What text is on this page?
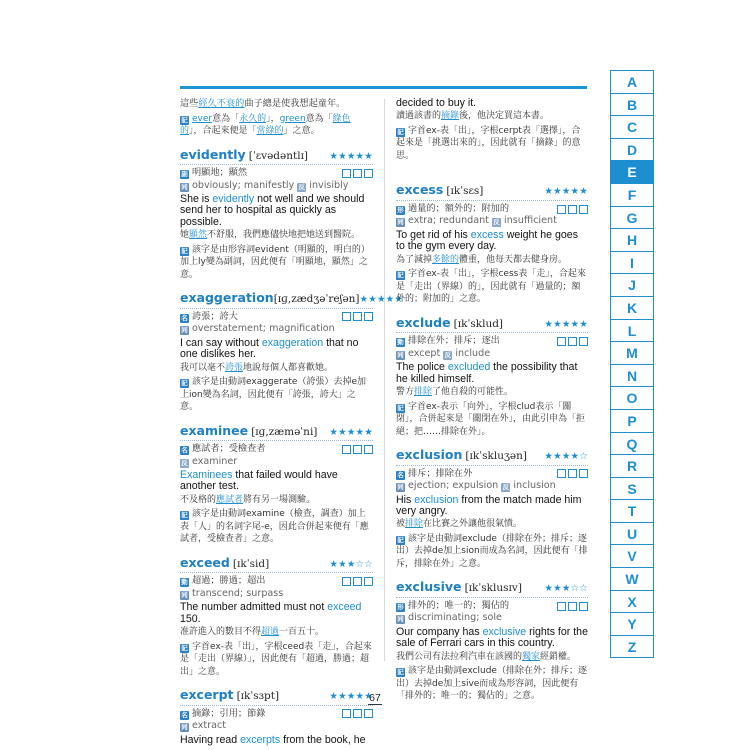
這些經久不衰的曲子總是使我想起童年。

記 ever意為「永久的」，green意為「綠色的」，合起來便是「常綠的」之意。

evidently [ˈɛvədəntlɪ] ★★★★★
副 明顯地；顯然
同 obviously; manifestly 反 invisibly

She is evidently not well and we should send her to hospital as quickly as possible.

她顯然不舒服，我們應儘快地把她送到醫院。

記 該字是由形容詞evident（明顯的，明白的）加上ly變為副詞，因此便有「明顯地，顯然」之意。

exaggeration[ɪɡ,zædʒəˈreʃən] ★★★★★
名 誇張；誇大
同 overstatement; magnification

I can say without exaggeration that no one dislikes her.

我可以毫不誇張地說每個人都喜歡她。

記 該字是由動詞exaggerate（誇張）去掉e加上ion變為名詞，因此便有「誇張，誇大」之意。

examinee [ɪɡ,zæməˈni] ★★★★★
名 應試者；受檢查者
反 examiner

Examinees that failed would have another test.

不及格的應試者將有另一場測驗。

記 該字是由動詞examine（檢查，調查）加上表「人」的名詞字尾-e，因此合併起來便有「應試者，受檢查者」之意。

exceed [ɪkˈsid]	★★★☆☆
動 超過；勝過；超出
同 transcend; surpass

The number admitted must not exceed 150.

准許進入的數目不得超過一百五十。

記 字首ex-表「出」，字根ceed表「走」，合起來是「走出（界線）」，因此便有「超過，勝過；超出」之意。

excerpt [ɪkˈsɜpt]	★★★★★
名 摘錄；引用；節錄
同 extract

Having read excerpts from the book, he

decided to buy it.

讀過該書的摘錄後，他決定買這本書。

記 字首ex-表「出」，字根cerpt表「選擇」，合起來是「挑選出來的」，因此就有「摘錄」的意思。

excess [ɪkˈsɛs]	★★★★★
形 過量的；額外的；附加的
同 extra; redundant 反 insufficient

To get rid of his excess weight he goes to the gym every day.

為了減掉多餘的體重，他每天都去健身房。

記 字首ex-表「出」，字根cess表「走」，合起來是「走出（界線）的」，因此就有「過量的；額外的；附加的」之意。

exclude [ɪkˈsklud]	★★★★★
動 排除在外；排斥；逐出
同 except 反 include

The police excluded the possibility that he killed himself.

警方排除了他自殺的可能性。

記 字首ex-表示「向外」，字根clud表示「關閉」，合併起來是「關閉在外」，由此引申為「拒絕；把……排除在外」。

exclusion [ɪkˈskluʒən] ★★★★☆
名 排斥；排除在外
同 ejection; expulsion 反 inclusion

His exclusion from the match made him very angry.

被排除在比賽之外讓他很氣憤。

記 該字是由動詞exclude（排除在外；排斥；逐出）去掉de加上sion而成為名詞，因此便有「排斥，排除在外」之意。

exclusive [ɪkˈsklusɪv] ★★★☆☆
形 排外的；唯一的；獨佔的
同 discriminating; sole

Our company has exclusive rights for the sale of Ferrari cars in this country.

我們公司有法拉利汽車在該國的獨家經銷權。

記 該字是由動詞exclude（排除在外；排斥；逐出）去掉de加上sive而成為形容詞，因此便有「排外的；唯一的；獨佔的」之意。

A
B
C
D
E
F
G
H
I
J
K
L
M
N
O
P
Q
R
S
T
U
V
W
X
Y
Z
67
